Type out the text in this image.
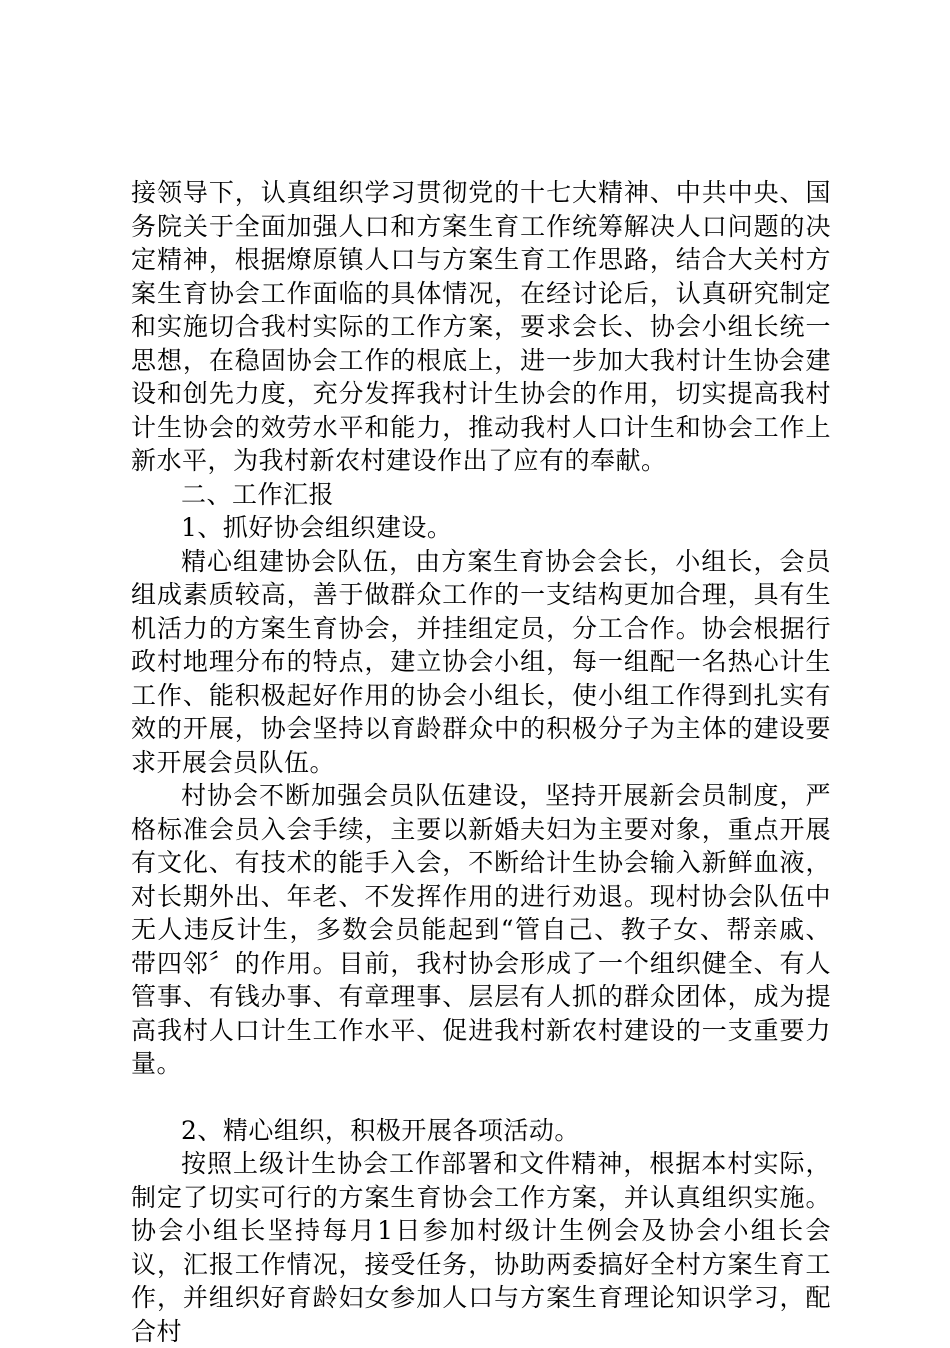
接领导下，认真组织学习贯彻党的十七大精神、中共中央、国务院关于全面加强人口和方案生育工作统筹解决人口问题的决定精神，根据燎原镇人口与方案生育工作思路，结合大关村方案生育协会工作面临的具体情况，在经讨论后，认真研究制定和实施切合我村实际的工作方案，要求会长、协会小组长统一思想，在稳固协会工作的根底上，进一步加大我村计生协会建设和创先力度，充分发挥我村计生协会的作用，切实提高我村计生协会的效劳水平和能力，推动我村人口计生和协会工作上新水平，为我村新农村建设作出了应有的奉献。

二、工作汇报

1、抓好协会组织建设。

精心组建协会队伍，由方案生育协会会长，小组长，会员组成素质较高，善于做群众工作的一支结构更加合理，具有生机活力的方案生育协会，并挂组定员，分工合作。协会根据行政村地理分布的特点，建立协会小组，每一组配一名热心计生工作、能积极起好作用的协会小组长，使小组工作得到扎实有效的开展，协会坚持以育龄群众中的积极分子为主体的建设要求开展会员队伍。

村协会不断加强会员队伍建设，坚持开展新会员制度，严格标准会员入会手续，主要以新婚夫妇为主要对象，重点开展有文化、有技术的能手入会，不断给计生协会输入新鲜血液，对长期外出、年老、不发挥作用的进行劝退。现村协会队伍中无人违反计生，多数会员能起到“管自己、教子女、帮亲戚、带四邻〞的作用。目前，我村协会形成了一个组织健全、有人管事、有钱办事、有章理事、层层有人抓的群众团体，成为提高我村人口计生工作水平、促进我村新农村建设的一支重要力量。

2、精心组织，积极开展各项活动。

按照上级计生协会工作部署和文件精神，根据本村实际，制定了切实可行的方案生育协会工作方案，并认真组织实施。协会小组长坚持每月1日参加村级计生例会及协会小组长会议，汇报工作情况，接受任务，协助两委搞好全村方案生育工作，并组织好育龄妇女参加人口与方案生育理论知识学习，配合村
